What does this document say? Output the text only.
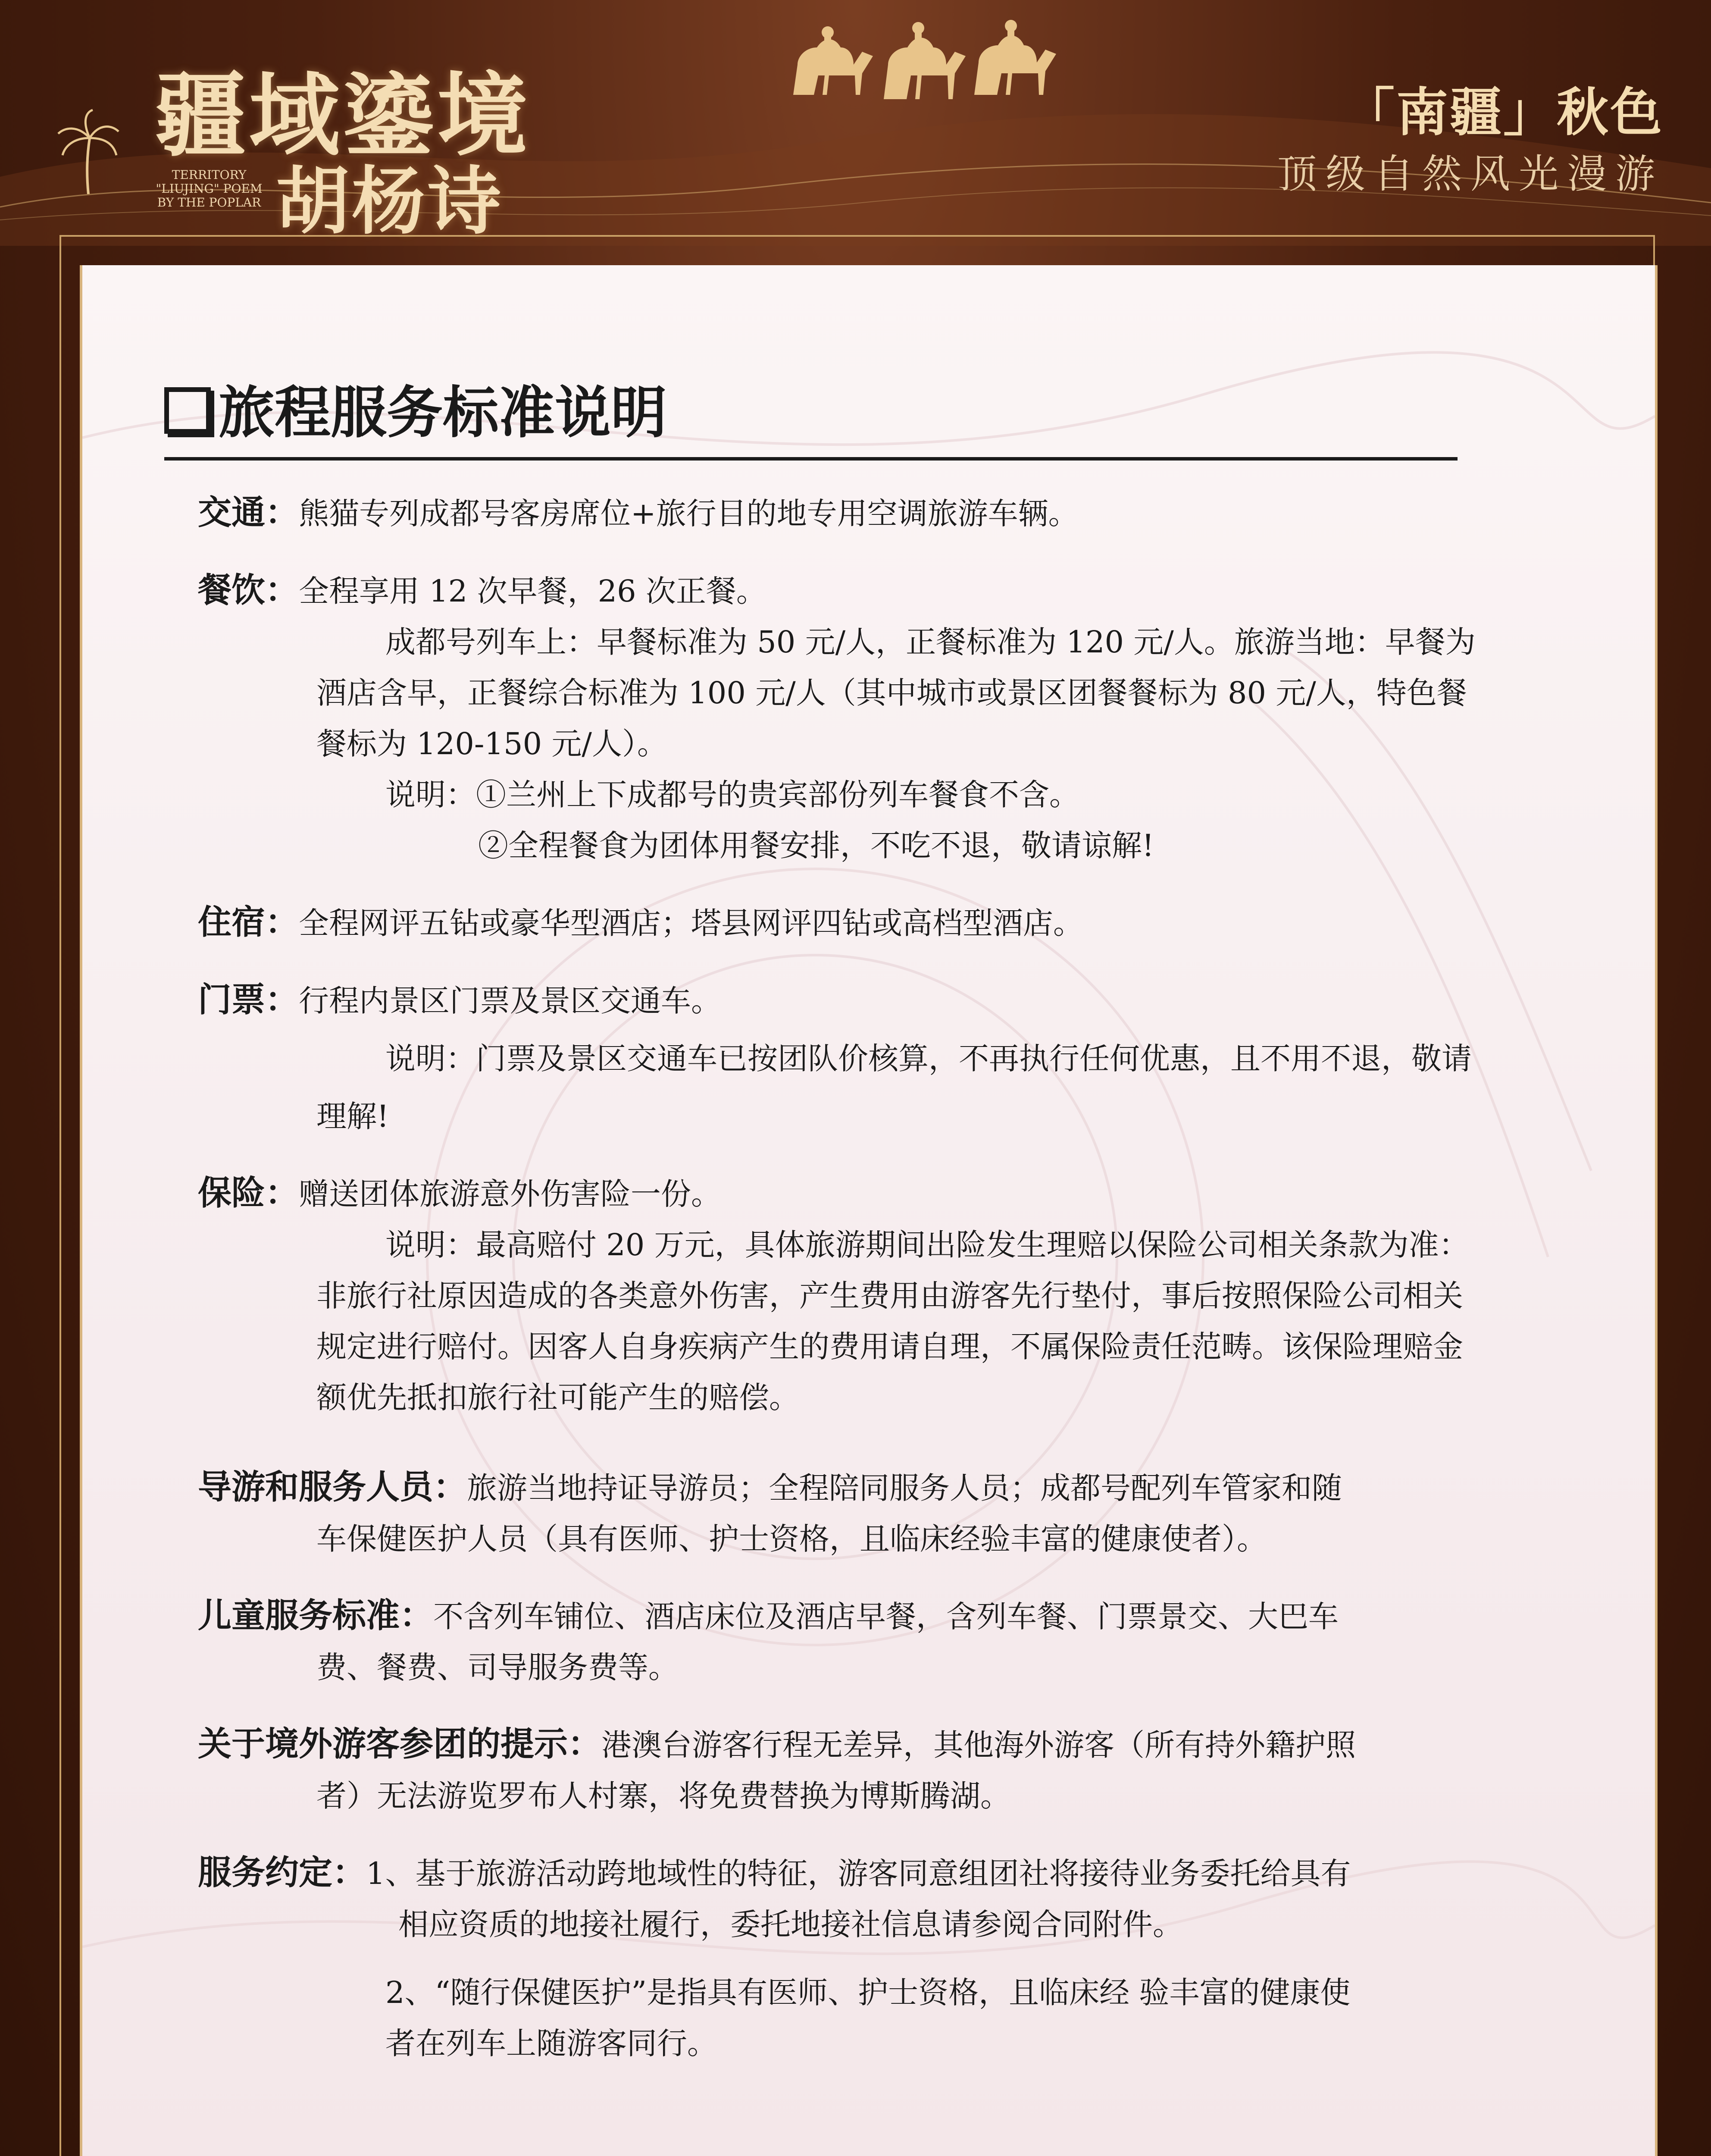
疆域鎏境
胡杨诗
TERRITORY "LIUJING" POEM BY THE POPLAR
「南疆」秋色
顶级自然风光漫游
旅程服务标准说明

交通：熊猫专列成都号客房席位+旅行目的地专用空调旅游车辆。

餐饮：全程享用 12 次早餐，26 次正餐。

成都号列车上：早餐标准为 50 元/人，正餐标准为 120 元/人。旅游当地：早餐为

酒店含早，正餐综合标准为 100 元/人（其中城市或景区团餐餐标为 80 元/人，特色餐

餐标为 120-150 元/人）。

说明：①兰州上下成都号的贵宾部份列车餐食不含。

②全程餐食为团体用餐安排，不吃不退，敬请谅解!

住宿：全程网评五钻或豪华型酒店；塔县网评四钻或高档型酒店。

门票：行程内景区门票及景区交通车。

说明：门票及景区交通车已按团队价核算，不再执行任何优惠，且不用不退，敬请

理解!

保险：赠送团体旅游意外伤害险一份。

说明：最高赔付 20 万元，具体旅游期间出险发生理赔以保险公司相关条款为准：

非旅行社原因造成的各类意外伤害，产生费用由游客先行垫付，事后按照保险公司相关

规定进行赔付。因客人自身疾病产生的费用请自理，不属保险责任范畴。该保险理赔金

额优先抵扣旅行社可能产生的赔偿。

导游和服务人员：旅游当地持证导游员；全程陪同服务人员；成都号配列车管家和随

车保健医护人员（具有医师、护士资格，且临床经验丰富的健康使者）。

儿童服务标准：不含列车铺位、酒店床位及酒店早餐，含列车餐、门票景交、大巴车

费、餐费、司导服务费等。

关于境外游客参团的提示：港澳台游客行程无差异，其他海外游客（所有持外籍护照

者）无法游览罗布人村寨，将免费替换为博斯腾湖。

服务约定：1、基于旅游活动跨地域性的特征，游客同意组团社将接待业务委托给具有

相应资质的地接社履行，委托地接社信息请参阅合同附件。

2、“随行保健医护”是指具有医师、护士资格，且临床经 验丰富的健康使

者在列车上随游客同行。
